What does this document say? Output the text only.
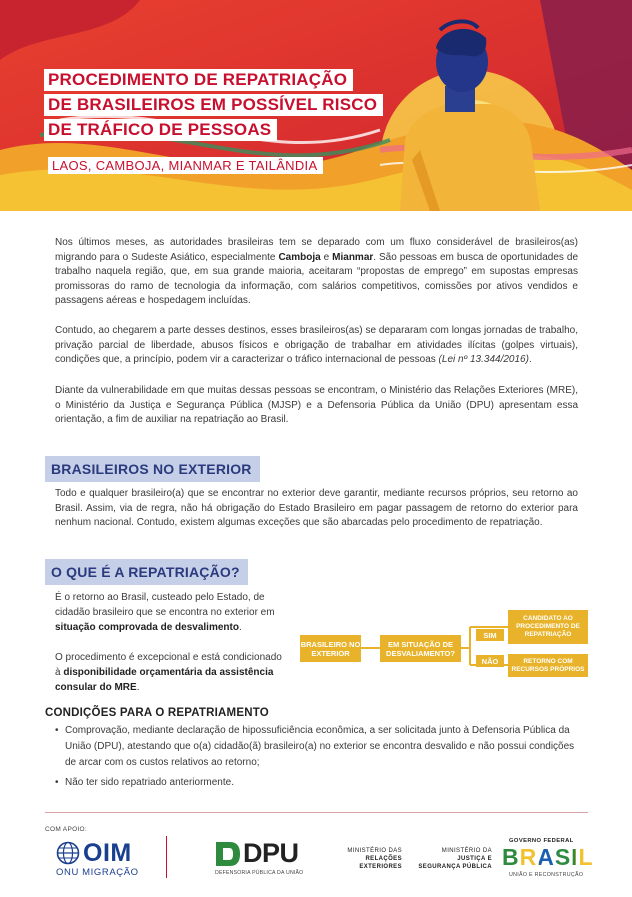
PROCEDIMENTO DE REPATRIAÇÃO
DE BRASILEIROS EM POSSÍVEL RISCO
DE TRÁFICO DE PESSOAS
LAOS, CAMBOJA, MIANMAR E TAILÂNDIA

Nos últimos meses, as autoridades brasileiras tem se deparado com um fluxo considerável de brasileiros(as) migrando para o Sudeste Asiático, especialmente Camboja e Mianmar. São pessoas em busca de oportunidades de trabalho naquela região, que, em sua grande maioria, aceitaram “propostas de emprego” em supostas empresas promissoras do ramo de tecnologia da informação, com salários competitivos, comissões por ativos vendidos e passagens aéreas e hospedagem incluídas.

Contudo, ao chegarem a parte desses destinos, esses brasileiros(as) se depararam com longas jornadas de trabalho, privação parcial de liberdade, abusos físicos e obrigação de trabalhar em atividades ilícitas (golpes virtuais), condições que, a princípio, podem vir a caracterizar o tráfico internacional de pessoas (Lei nº 13.344/2016).

Diante da vulnerabilidade em que muitas dessas pessoas se encontram, o Ministério das Relações Exteriores (MRE), o Ministério da Justiça e Segurança Pública (MJSP) e a Defensoria Pública da União (DPU) apresentam essa orientação, a fim de auxiliar na repatriação ao Brasil.

BRASILEIROS NO EXTERIOR

Todo e qualquer brasileiro(a) que se encontrar no exterior deve garantir, mediante recursos próprios, seu retorno ao Brasil. Assim, via de regra, não há obrigação do Estado Brasileiro em pagar passagem de retorno do exterior para nenhum nacional. Contudo, existem algumas exceções que são abarcadas pelo procedimento de repatriação.

O QUE É A REPATRIAÇÃO?

É o retorno ao Brasil, custeado pelo Estado, de cidadão brasileiro que se encontra no exterior em situação comprovada de desvalimento.

O procedimento é excepcional e está condicionado à disponibilidade orçamentária da assistência consular do MRE.

BRASILEIRO NO EXTERIOR
EM SITUAÇÃO DE DESVALIAMENTO?
SIM
NÃO
CANDIDATO AO PROCEDIMENTO DE REPATRIAÇÃO
RETORNO COM RECURSOS PRÓPRIOS
CONDIÇÕES PARA O REPATRIAMENTO
• Comprovação, mediante declaração de hipossuficiência econômica, a ser solicitada junto à Defensoria Pública da União (DPU), atestando que o(a) cidadão(ã) brasileiro(a) no exterior se encontra desvalido e não possui condições de arcar com os custos relativos ao retorno;
• Não ter sido repatriado anteriormente.
COM APOIO:
OIM
ONU MIGRAÇÃO
DPU
DEFENSORIA PÚBLICA DA UNIÃO
MINISTÉRIO DAS
RELAÇÕES
EXTERIORES
MINISTÉRIO DA
JUSTIÇA E
SEGURANÇA PÚBLICA
GOVERNO FEDERAL
BRASIL
UNIÃO E RECONSTRUÇÃO
